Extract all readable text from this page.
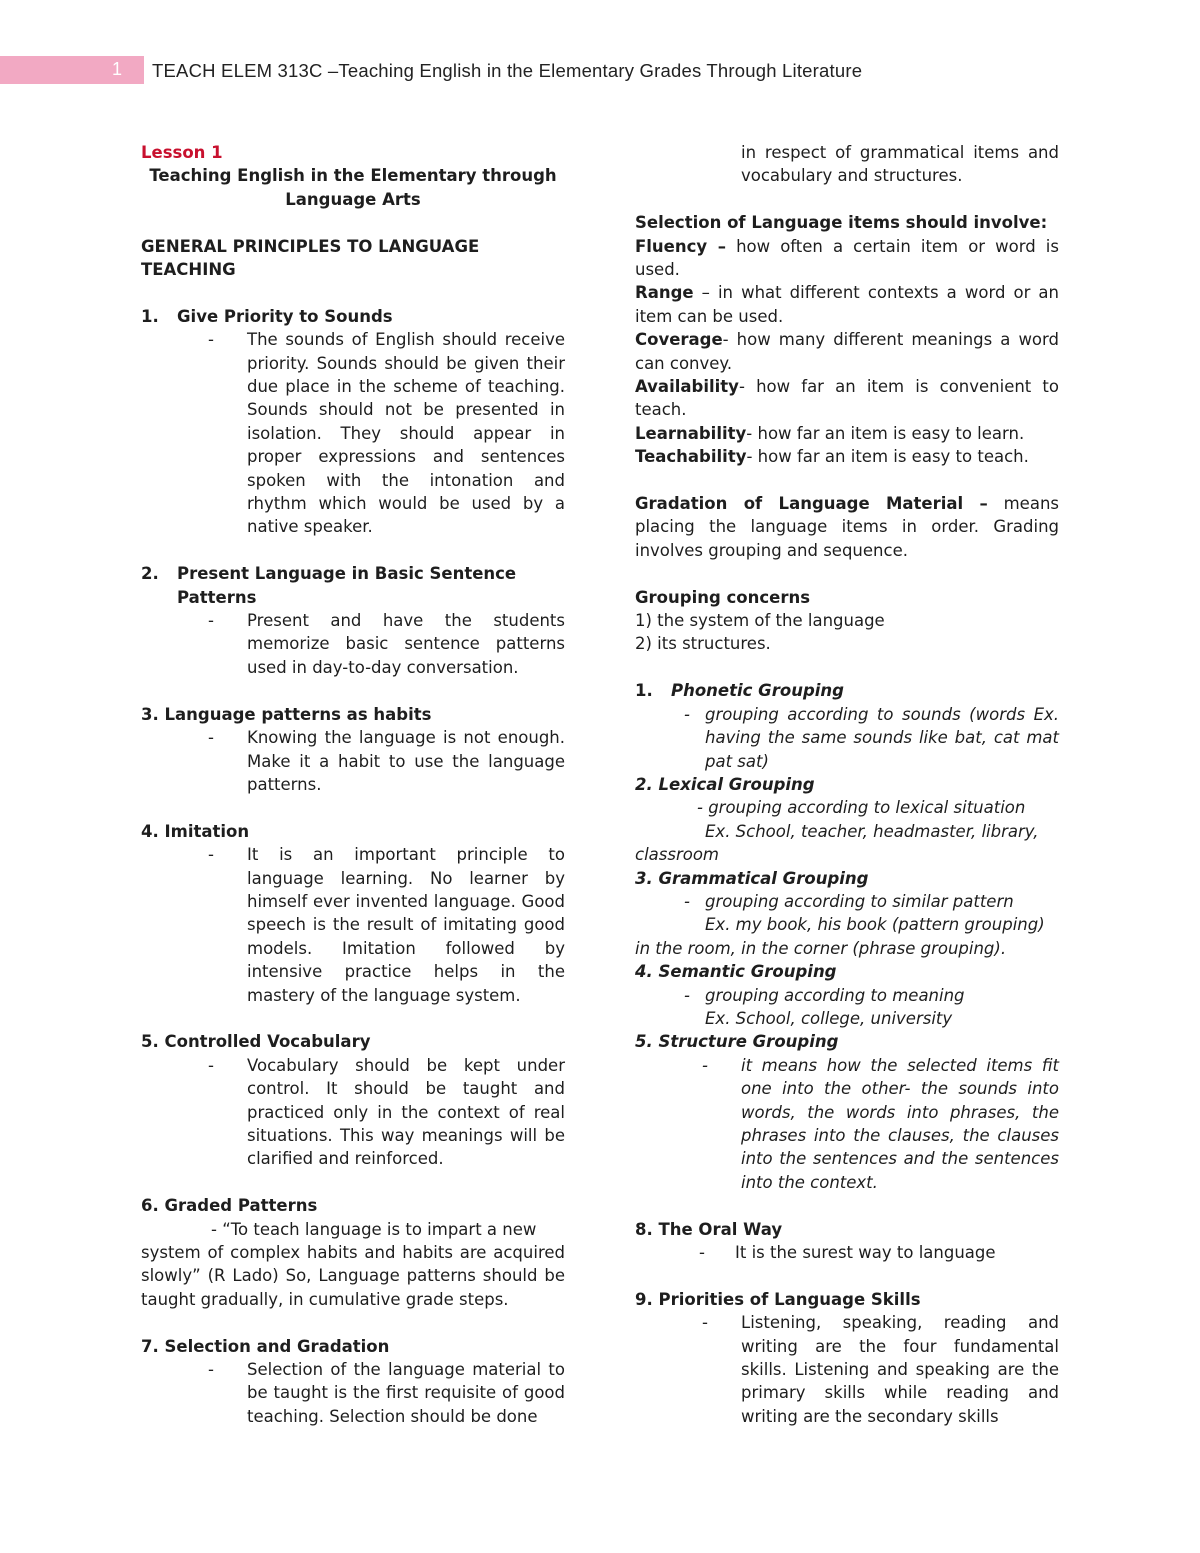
1	TEACH ELEM 313C –Teaching English in the Elementary Grades Through Literature

Lesson 1

Teaching English in the Elementary through

Language Arts

GENERAL PRINCIPLES TO LANGUAGE TEACHING

1.	Give Priority to Sounds
-	The sounds of English should receive priority. Sounds should be given their due place in the scheme of teaching. Sounds should not be presented in isolation. They should appear in proper expressions and sentences spoken with the intonation and rhythm which would be used by a native speaker.
2.	Present Language in Basic Sentence Patterns
-	Present and have the students memorize basic sentence patterns used in day-to-day conversation.

3. Language patterns as habits

-	Knowing the language is not enough. Make it a habit to use the language patterns.

4. Imitation

-	It is an important principle to language learning. No learner by himself ever invented language. Good speech is the result of imitating good models. Imitation followed by intensive practice helps in the mastery of the language system.

5. Controlled Vocabulary

-	Vocabulary should be kept under control. It should be taught and practiced only in the context of real situations. This way meanings will be clarified and reinforced.

6. Graded Patterns

- “To teach language is to impart a new

system of complex habits and habits are acquired slowly” (R Lado) So, Language patterns should be taught gradually, in cumulative grade steps.

7. Selection and Gradation

-	Selection of the language material to be taught is the first requisite of good teaching. Selection should be done

in respect of grammatical items and vocabulary and structures.

Selection of Language items should involve:

Fluency – how often a certain item or word is used.

Range – in what different contexts a word or an item can be used.

Coverage- how many different meanings a word can convey.

Availability- how far an item is convenient to teach.

Learnability- how far an item is easy to learn.

Teachability- how far an item is easy to teach.

Gradation of Language Material – means placing the language items in order. Grading involves grouping and sequence.

Grouping concerns

1) the system of the language

2) its structures.

1.	Phonetic Grouping
- grouping according to sounds (words Ex. having the same sounds like bat, cat mat pat sat)

2. Lexical Grouping

- grouping according to lexical situation

Ex. School, teacher, headmaster, library,

classroom

3. Grammatical Grouping

- grouping according to similar pattern

Ex. my book, his book (pattern grouping)

in the room, in the corner (phrase grouping).

4. Semantic Grouping

- grouping according to meaning

Ex. School, college, university

5. Structure Grouping

-	it means how the selected items fit one into the other- the sounds into words, the words into phrases, the phrases into the clauses, the clauses into the sentences and the sentences into the context.

8. The Oral Way

-	It is the surest way to language

9. Priorities of Language Skills

-	Listening, speaking, reading and writing are the four fundamental skills. Listening and speaking are the primary skills while reading and writing are the secondary skills
